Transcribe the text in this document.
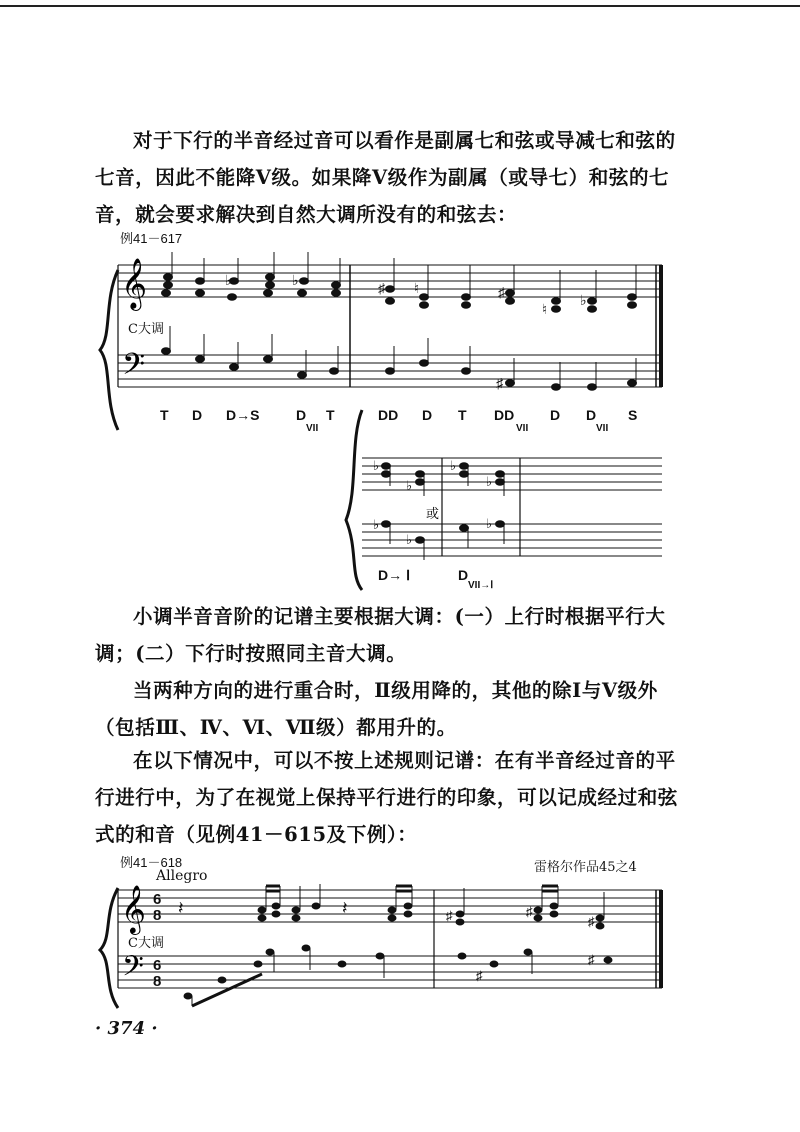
对于下行的半音经过音可以看作是副属七和弦或导减七和弦的七音，因此不能降Ⅴ级。如果降Ⅴ级作为副属（或导七）和弦的七音，就会要求解决到自然大调所没有的和弦去：

例41－617
𝄞
𝄢
♭	♭	♯ ♮	♯
♮
♭
♯
T D D→S	D
VII
T	DD D T DD
VII
D D
VII
S
♭
♭
♭
♭
♭
♭
♭
或
D→ Ⅰ	D
VII→Ⅰ
C大调

小调半音音阶的记谱主要根据大调：(一）上行时根据平行大调；(二）下行时按照同主音大调。

当两种方向的进行重合时，Ⅱ级用降的，其他的除Ⅰ与Ⅴ级外（包括Ⅲ、Ⅳ、Ⅵ、Ⅶ级）都用升的。

在以下情况中，可以不按上述规则记谱：在有半音经过音的平行进行中，为了在视觉上保持平行进行的印象，可以记成经过和弦式的和音（见例41－615及下例）：

例41－618
Allegro
雷格尔作品45之4
𝄞
𝄢
6
8
6
8
𝄽	𝄽	♯	♯
♯
♯
♯
C大调
· 374 ·
